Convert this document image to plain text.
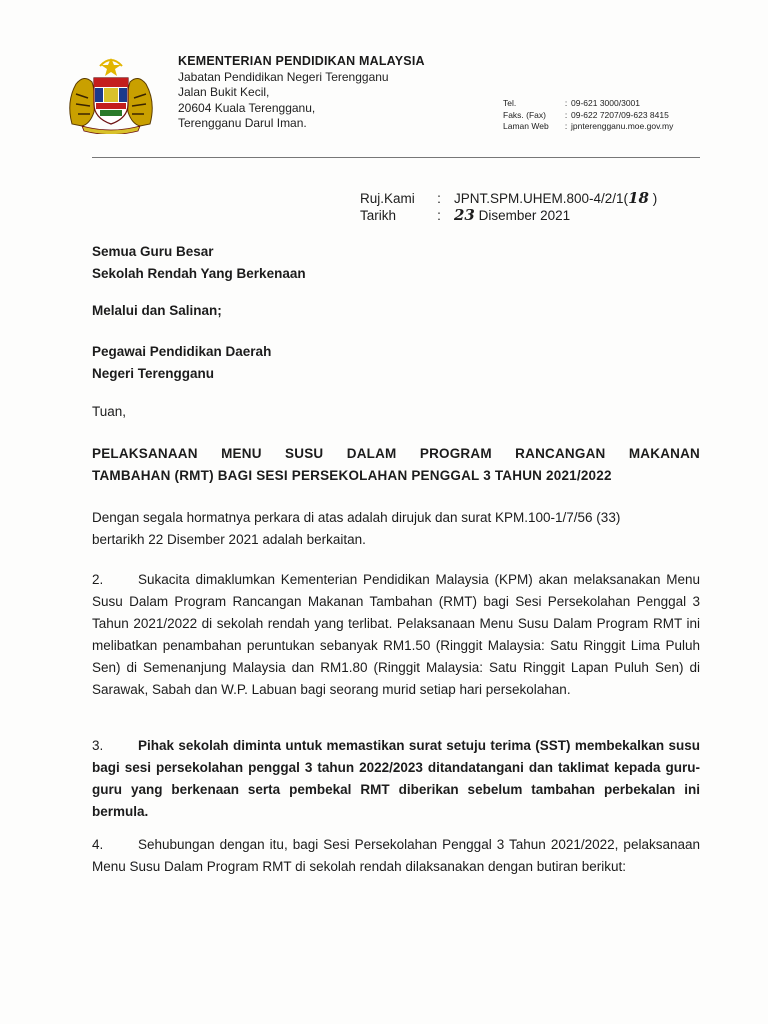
KEMENTERIAN PENDIDIKAN MALAYSIA
Jabatan Pendidikan Negeri Terengganu
Jalan Bukit Kecil,
20604 Kuala Terengganu,
Terengganu Darul Iman.
Tel.	: 09-621 3000/3001
Faks. (Fax)	: 09-622 7207/09-623 8415
Laman Web	: jpnterengganu.moe.gov.my
Ruj.Kami	: JPNT.SPM.UHEM.800-4/2/1(18 )
Tarikh	: 23 Disember 2021
Semua Guru Besar
Sekolah Rendah Yang Berkenaan
Melalui dan Salinan;
Pegawai Pendidikan Daerah
Negeri Terengganu
Tuan,
PELAKSANAAN MENU SUSU DALAM PROGRAM RANCANGAN MAKANAN
TAMBAHAN (RMT) BAGI SESI PERSEKOLAHAN PENGGAL 3 TAHUN 2021/2022
Dengan segala hormatnya perkara di atas adalah dirujuk dan surat KPM.100-1/7/56 (33)
bertarikh 22 Disember 2021 adalah berkaitan.
2.	Sukacita dimaklumkan Kementerian Pendidikan Malaysia (KPM) akan melaksanakan Menu Susu Dalam Program Rancangan Makanan Tambahan (RMT) bagi Sesi Persekolahan Penggal 3 Tahun 2021/2022 di sekolah rendah yang terlibat. Pelaksanaan Menu Susu Dalam Program RMT ini melibatkan penambahan peruntukan sebanyak RM1.50 (Ringgit Malaysia: Satu Ringgit Lima Puluh Sen) di Semenanjung Malaysia dan RM1.80 (Ringgit Malaysia: Satu Ringgit Lapan Puluh Sen) di Sarawak, Sabah dan W.P. Labuan bagi seorang murid setiap hari persekolahan.
3.	Pihak sekolah diminta untuk memastikan surat setuju terima (SST) membekalkan susu bagi sesi persekolahan penggal 3 tahun 2022/2023 ditandatangani dan taklimat kepada guru-guru yang berkenaan serta pembekal RMT diberikan sebelum tambahan perbekalan ini bermula.
4.	Sehubungan dengan itu, bagi Sesi Persekolahan Penggal 3 Tahun 2021/2022, pelaksanaan Menu Susu Dalam Program RMT di sekolah rendah dilaksanakan dengan butiran berikut:
